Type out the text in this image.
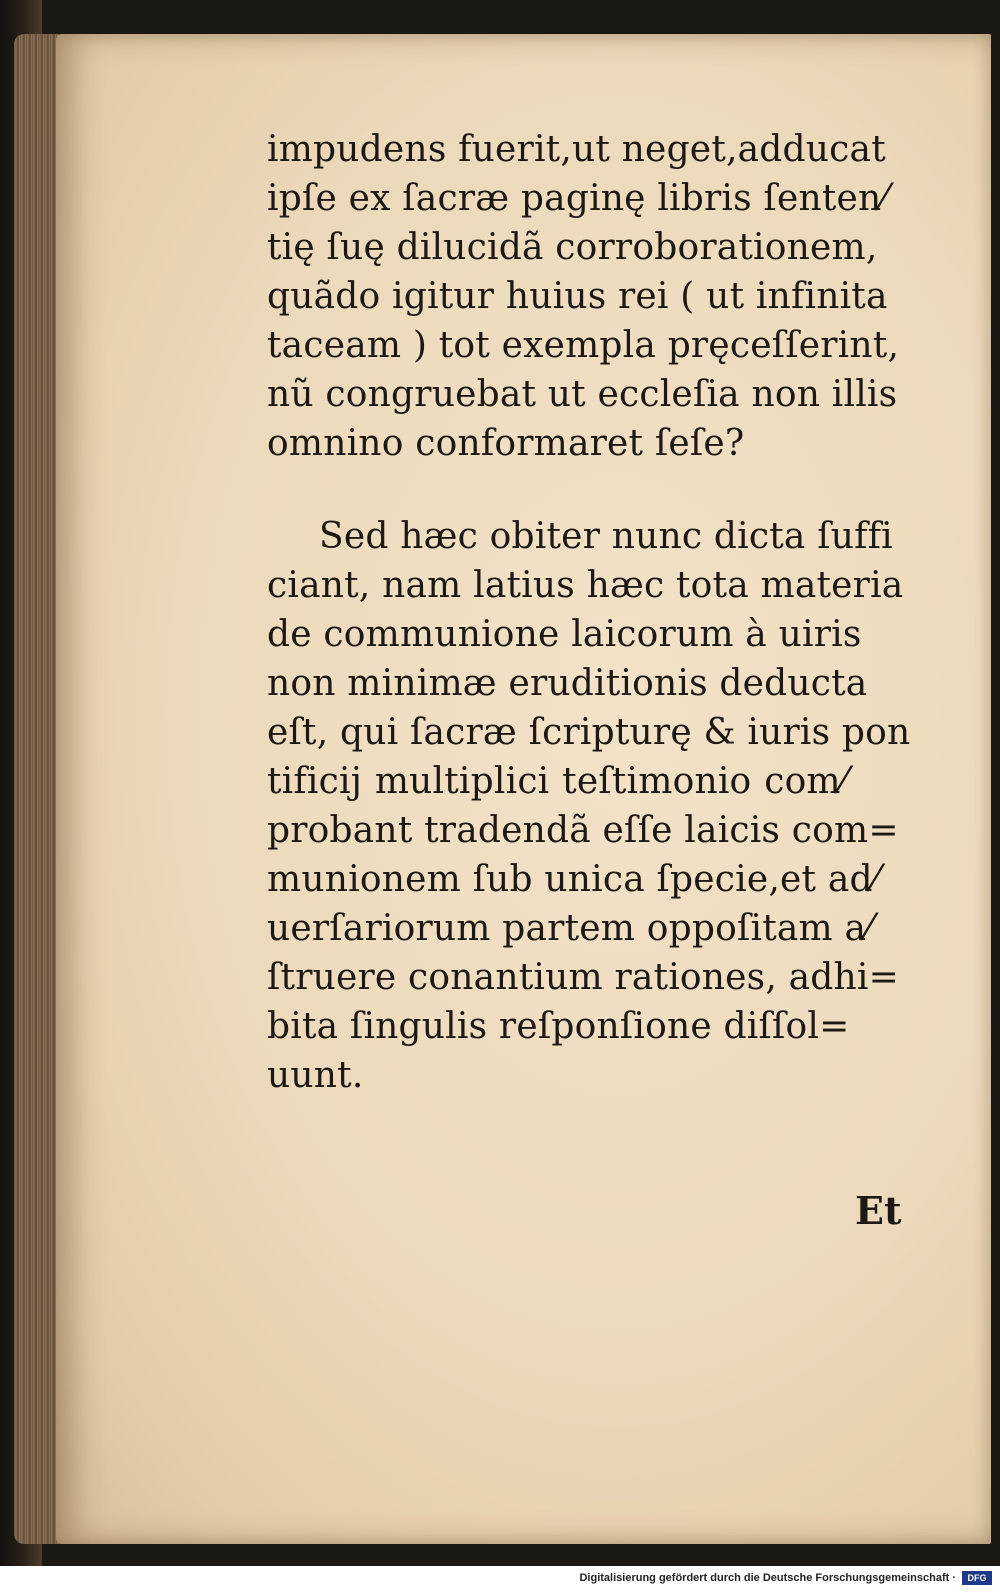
impudens fuerit,ut neget,adducat
ipſe ex ſacræ paginę libris ſenten⁄
tię ſuę dilucidã corroborationem,
quãdo igitur huius rei ( ut infinita
taceam ) tot exempla pręceſſerint,
nũ congruebat ut eccleſia non illis
omnino conformaret ſeſe?
Sed hæc obiter nunc dicta ſuffi
ciant, nam latius hæc tota materia
de communione laicorum à uiris
non minimæ eruditionis deducta
eſt, qui ſacræ ſcripturę & iuris pon
tificij multiplici teſtimonio com⁄
probant tradendã eſſe laicis com=
munionem ſub unica ſpecie,et ad⁄
uerſariorum partem oppoſitam a⁄
ſtruere conantium rationes, adhi=
bita ſingulis reſponſione diſſol=
uunt.
Et
Digitalisierung gefördert durch die Deutsche Forschungsgemeinschaft ·	DFG
